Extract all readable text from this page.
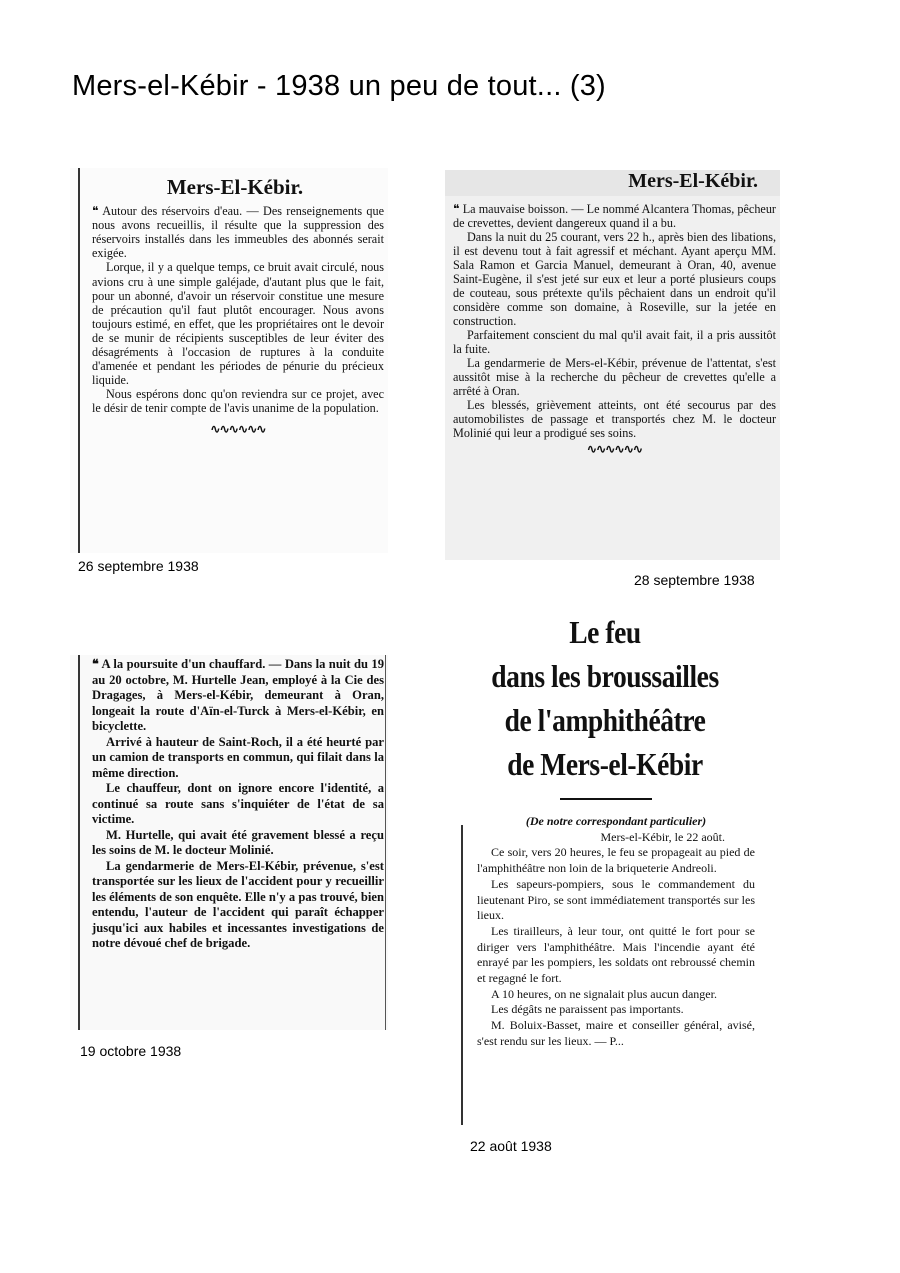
Mers-el-Kébir - 1938 un peu de tout... (3)
Mers-El-Kébir.

❝ Autour des réservoirs d'eau. — Des renseignements que nous avons recueillis, il résulte que la suppression des réservoirs installés dans les immeubles des abonnés serait exigée.

Lorque, il y a quelque temps, ce bruit avait circulé, nous avions cru à une simple galéjade, d'autant plus que le fait, pour un abonné, d'avoir un réservoir constitue une mesure de précaution qu'il faut plutôt encourager. Nous avons toujours estimé, en effet, que les propriétaires ont le devoir de se munir de récipients susceptibles de leur éviter des désagréments à l'occasion de ruptures à la conduite d'amenée et pendant les périodes de pénurie du précieux liquide.

Nous espérons donc qu'on reviendra sur ce projet, avec le désir de tenir compte de l'avis unanime de la population.

∿∿∿∿∿∿
26 septembre 1938
Mers-El-Kébir.

❝ La mauvaise boisson. — Le nommé Alcantera Thomas, pêcheur de crevettes, devient dangereux quand il a bu.

Dans la nuit du 25 courant, vers 22 h., après bien des libations, il est devenu tout à fait agressif et méchant. Ayant aperçu MM. Sala Ramon et Garcia Manuel, demeurant à Oran, 40, avenue Saint-Eugène, il s'est jeté sur eux et leur a porté plusieurs coups de couteau, sous prétexte qu'ils pêchaient dans un endroit qu'il considère comme son domaine, à Roseville, sur la jetée en construction.

Parfaitement conscient du mal qu'il avait fait, il a pris aussitôt la fuite.

La gendarmerie de Mers-el-Kébir, prévenue de l'attentat, s'est aussitôt mise à la recherche du pêcheur de crevettes qu'elle a arrêté à Oran.

Les blessés, grièvement atteints, ont été secourus par des automobilistes de passage et transportés chez M. le docteur Molinié qui leur a prodigué ses soins.

∿∿∿∿∿∿
28 septembre 1938

❝ A la poursuite d'un chauffard. — Dans la nuit du 19 au 20 octobre, M. Hurtelle Jean, employé à la Cie des Dragages, à Mers-el-Kébir, demeurant à Oran, longeait la route d'Aïn-el-Turck à Mers-el-Kébir, en bicyclette.

Arrivé à hauteur de Saint-Roch, il a été heurté par un camion de transports en commun, qui filait dans la même direction.

Le chauffeur, dont on ignore encore l'identité, a continué sa route sans s'inquiéter de l'état de sa victime.

M. Hurtelle, qui avait été gravement blessé a reçu les soins de M. le docteur Molinié.

La gendarmerie de Mers-El-Kébir, prévenue, s'est transportée sur les lieux de l'accident pour y recueillir les éléments de son enquête. Elle n'y a pas trouvé, bien entendu, l'auteur de l'accident qui paraît échapper jusqu'ici aux habiles et incessantes investigations de notre dévoué chef de brigade.

19 octobre 1938
Le feu
dans les broussailles
de l'amphithéâtre
de Mers-el-Kébir
(De notre correspondant particulier)
Mers-el-Kébir, le 22 août.

Ce soir, vers 20 heures, le feu se propageait au pied de l'amphithéâtre non loin de la briqueterie Andreoli.

Les sapeurs-pompiers, sous le commandement du lieutenant Piro, se sont immédiatement transportés sur les lieux.

Les tirailleurs, à leur tour, ont quitté le fort pour se diriger vers l'amphithéâtre. Mais l'incendie ayant été enrayé par les pompiers, les soldats ont rebroussé chemin et regagné le fort.

A 10 heures, on ne signalait plus aucun danger.

Les dégâts ne paraissent pas importants.

M. Boluix-Basset, maire et conseiller général, avisé, s'est rendu sur les lieux. — P...

22 août 1938
